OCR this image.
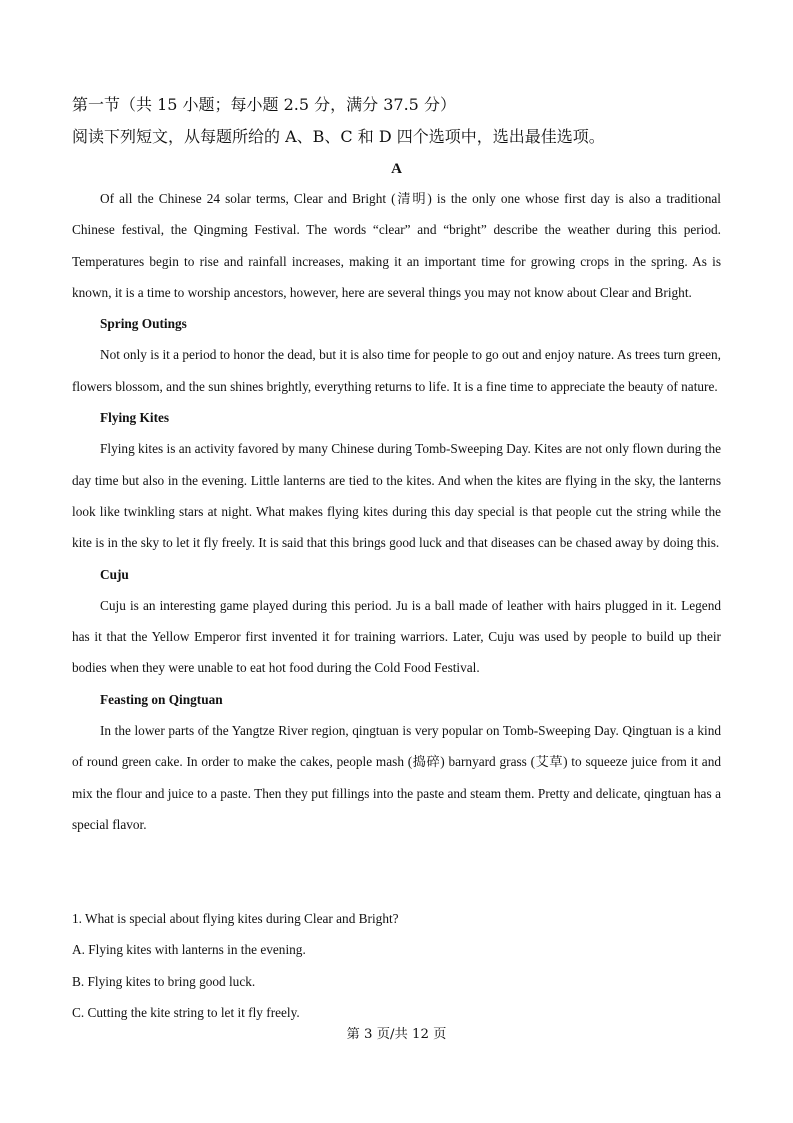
第一节（共 15 小题；每小题 2.5 分，满分 37.5 分）
阅读下列短文，从每题所给的 A、B、C 和 D 四个选项中，选出最佳选项。
A

Of all the Chinese 24 solar terms, Clear and Bright (清明) is the only one whose first day is also a traditional Chinese festival, the Qingming Festival. The words “clear” and “bright” describe the weather during this period. Temperatures begin to rise and rainfall increases, making it an important time for growing crops in the spring. As is known, it is a time to worship ancestors, however, here are several things you may not know about Clear and Bright.

Spring Outings

Not only is it a period to honor the dead, but it is also time for people to go out and enjoy nature. As trees turn green, flowers blossom, and the sun shines brightly, everything returns to life. It is a fine time to appreciate the beauty of nature.

Flying Kites

Flying kites is an activity favored by many Chinese during Tomb-Sweeping Day. Kites are not only flown during the day time but also in the evening. Little lanterns are tied to the kites. And when the kites are flying in the sky, the lanterns look like twinkling stars at night. What makes flying kites during this day special is that people cut the string while the kite is in the sky to let it fly freely. It is said that this brings good luck and that diseases can be chased away by doing this.

Cuju

Cuju is an interesting game played during this period. Ju is a ball made of leather with hairs plugged in it. Legend has it that the Yellow Emperor first invented it for training warriors. Later, Cuju was used by people to build up their bodies when they were unable to eat hot food during the Cold Food Festival.

Feasting on Qingtuan

In the lower parts of the Yangtze River region, qingtuan is very popular on Tomb-Sweeping Day. Qingtuan is a kind of round green cake. In order to make the cakes, people mash (捣碎) barnyard grass (艾草) to squeeze juice from it and mix the flour and juice to a paste. Then they put fillings into the paste and steam them. Pretty and delicate, qingtuan has a special flavor.

1. What is special about flying kites during Clear and Bright?

A. Flying kites with lanterns in the evening.

B. Flying kites to bring good luck.

C. Cutting the kite string to let it fly freely.

第 3 页/共 12 页
